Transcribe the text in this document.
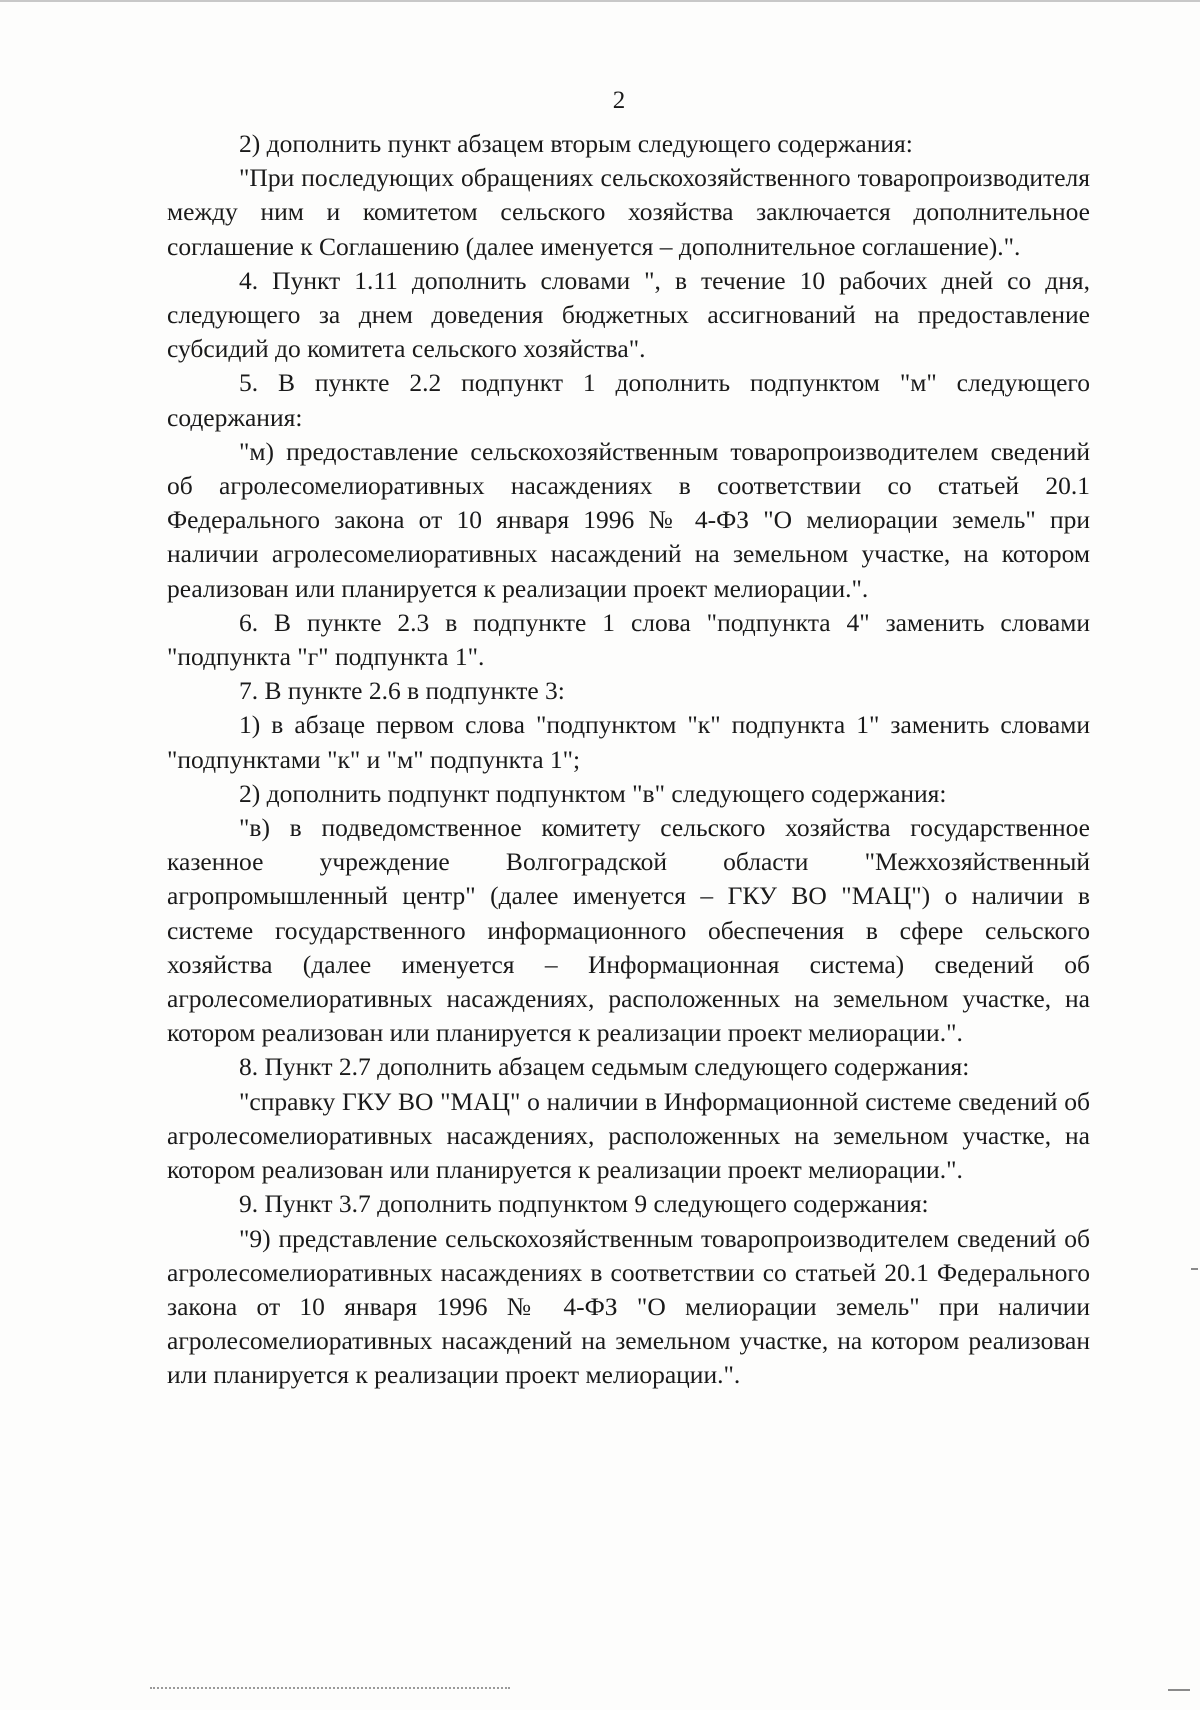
2

2) дополнить пункт абзацем вторым следующего содержания:

"При последующих обращениях сельскохозяйственного товаропроизводителя между ним и комитетом сельского хозяйства заключается дополнительное соглашение к Соглашению (далее именуется – дополнительное соглашение).".

4. Пункт 1.11 дополнить словами ", в течение 10 рабочих дней со дня, следующего за днем доведения бюджетных ассигнований на предоставление субсидий до комитета сельского хозяйства".

5. В пункте 2.2 подпункт 1 дополнить подпунктом "м" следующего содержания:

"м) предоставление сельскохозяйственным товаропроизводителем сведений об агролесомелиоративных насаждениях в соответствии со статьей 20.1 Федерального закона от 10 января 1996 № 4-ФЗ "О мелиорации земель" при наличии агролесомелиоративных насаждений на земельном участке, на котором реализован или планируется к реализации проект мелиорации.".

6. В пункте 2.3 в подпункте 1 слова "подпункта 4" заменить словами "подпункта "г" подпункта 1".

7. В пункте 2.6 в подпункте 3:

1) в абзаце первом слова "подпунктом "к" подпункта 1" заменить словами "подпунктами "к" и "м" подпункта 1";

2) дополнить подпункт подпунктом "в" следующего содержания:

"в) в подведомственное комитету сельского хозяйства государственное казенное учреждение Волгоградской области "Межхозяйственный агропромышленный центр" (далее именуется – ГКУ ВО "МАЦ") о наличии в системе государственного информационного обеспечения в сфере сельского хозяйства (далее именуется – Информационная система) сведений об агролесомелиоративных насаждениях, расположенных на земельном участке, на котором реализован или планируется к реализации проект мелиорации.".

8. Пункт 2.7 дополнить абзацем седьмым следующего содержания:

"справку ГКУ ВО "МАЦ" о наличии в Информационной системе сведений об агролесомелиоративных насаждениях, расположенных на земельном участке, на котором реализован или планируется к реализации проект мелиорации.".

9. Пункт 3.7 дополнить подпунктом 9 следующего содержания:

"9) представление сельскохозяйственным товаропроизводителем сведений об агролесомелиоративных насаждениях в соответствии со статьей 20.1 Федерального закона от 10 января 1996 № 4-ФЗ "О мелиорации земель" при наличии агролесомелиоративных насаждений на земельном участке, на котором реализован или планируется к реализации проект мелиорации.".
